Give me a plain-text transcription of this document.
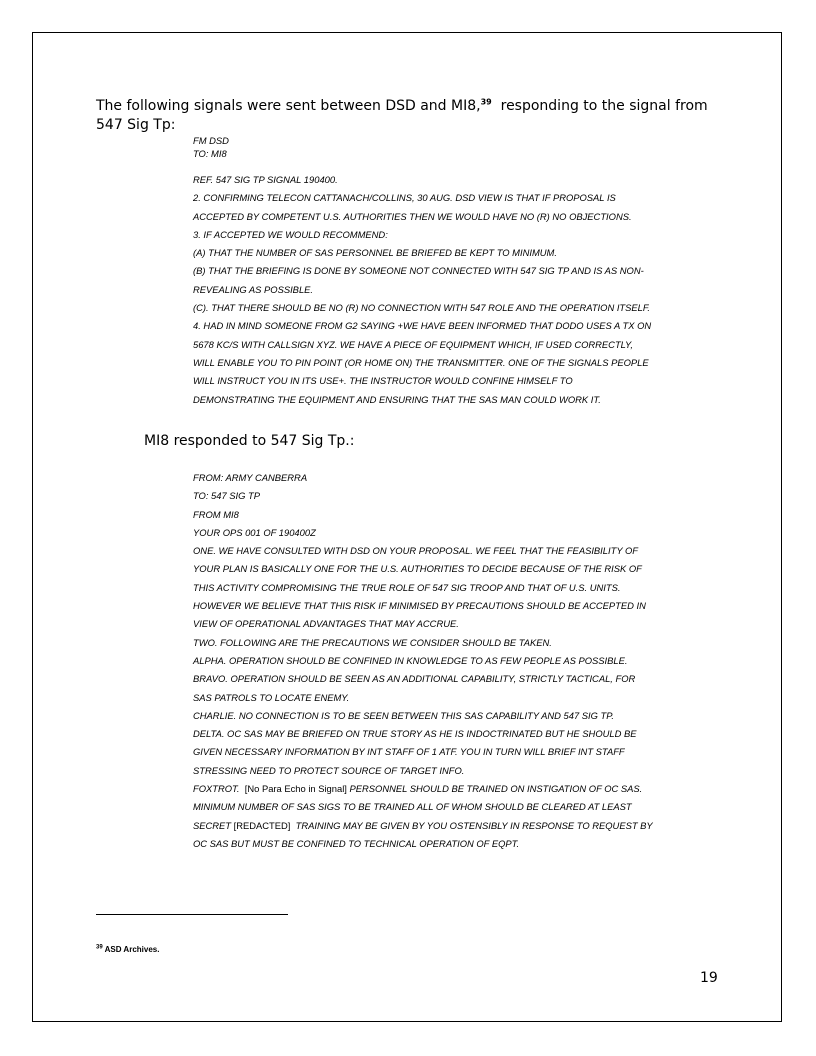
The following signals were sent between DSD and MI8,39  responding to the signal from 547 Sig Tp:

FM DSD
TO: MI8
REF. 547 SIG TP SIGNAL 190400.
2. CONFIRMING TELECON CATTANACH/COLLINS, 30 AUG. DSD VIEW IS THAT IF PROPOSAL IS
ACCEPTED BY COMPETENT U.S. AUTHORITIES THEN WE WOULD HAVE NO (R) NO OBJECTIONS.
3. IF ACCEPTED WE WOULD RECOMMEND:
(A) THAT THE NUMBER OF SAS PERSONNEL BE BRIEFED BE KEPT TO MINIMUM.
(B) THAT THE BRIEFING IS DONE BY SOMEONE NOT CONNECTED WITH 547 SIG TP AND IS AS NON-
REVEALING AS POSSIBLE.
(C). THAT THERE SHOULD BE NO (R) NO CONNECTION WITH 547 ROLE AND THE OPERATION ITSELF.
4. HAD IN MIND SOMEONE FROM G2 SAYING +WE HAVE BEEN INFORMED THAT DODO USES A TX ON
5678 KC/S WITH CALLSIGN XYZ. WE HAVE A PIECE OF EQUIPMENT WHICH, IF USED CORRECTLY,
WILL ENABLE YOU TO PIN POINT (OR HOME ON) THE TRANSMITTER. ONE OF THE SIGNALS PEOPLE
WILL INSTRUCT YOU IN ITS USE+. THE INSTRUCTOR WOULD CONFINE HIMSELF TO
DEMONSTRATING THE EQUIPMENT AND ENSURING THAT THE SAS MAN COULD WORK IT.

MI8 responded to 547 Sig Tp.:

FROM: ARMY CANBERRA
TO: 547 SIG TP
FROM MI8
YOUR OPS 001 OF 190400Z
ONE. WE HAVE CONSULTED WITH DSD ON YOUR PROPOSAL. WE FEEL THAT THE FEASIBILITY OF
YOUR PLAN IS BASICALLY ONE FOR THE U.S. AUTHORITIES TO DECIDE BECAUSE OF THE RISK OF
THIS ACTIVITY COMPROMISING THE TRUE ROLE OF 547 SIG TROOP AND THAT OF U.S. UNITS.
HOWEVER WE BELIEVE THAT THIS RISK IF MINIMISED BY PRECAUTIONS SHOULD BE ACCEPTED IN
VIEW OF OPERATIONAL ADVANTAGES THAT MAY ACCRUE.
TWO. FOLLOWING ARE THE PRECAUTIONS WE CONSIDER SHOULD BE TAKEN.
ALPHA. OPERATION SHOULD BE CONFINED IN KNOWLEDGE TO AS FEW PEOPLE AS POSSIBLE.
BRAVO. OPERATION SHOULD BE SEEN AS AN ADDITIONAL CAPABILITY, STRICTLY TACTICAL, FOR
SAS PATROLS TO LOCATE ENEMY.
CHARLIE. NO CONNECTION IS TO BE SEEN BETWEEN THIS SAS CAPABILITY AND 547 SIG TP.
DELTA. OC SAS MAY BE BRIEFED ON TRUE STORY AS HE IS INDOCTRINATED BUT HE SHOULD BE
GIVEN NECESSARY INFORMATION BY INT STAFF OF 1 ATF. YOU IN TURN WILL BRIEF INT STAFF
STRESSING NEED TO PROTECT SOURCE OF TARGET INFO.
FOXTROT.  [No Para Echo in Signal] PERSONNEL SHOULD BE TRAINED ON INSTIGATION OF OC SAS.
MINIMUM NUMBER OF SAS SIGS TO BE TRAINED ALL OF WHOM SHOULD BE CLEARED AT LEAST
SECRET [REDACTED]  TRAINING MAY BE GIVEN BY YOU OSTENSIBLY IN RESPONSE TO REQUEST BY
OC SAS BUT MUST BE CONFINED TO TECHNICAL OPERATION OF EQPT.
$^{39}$ ASD Archives.
19
